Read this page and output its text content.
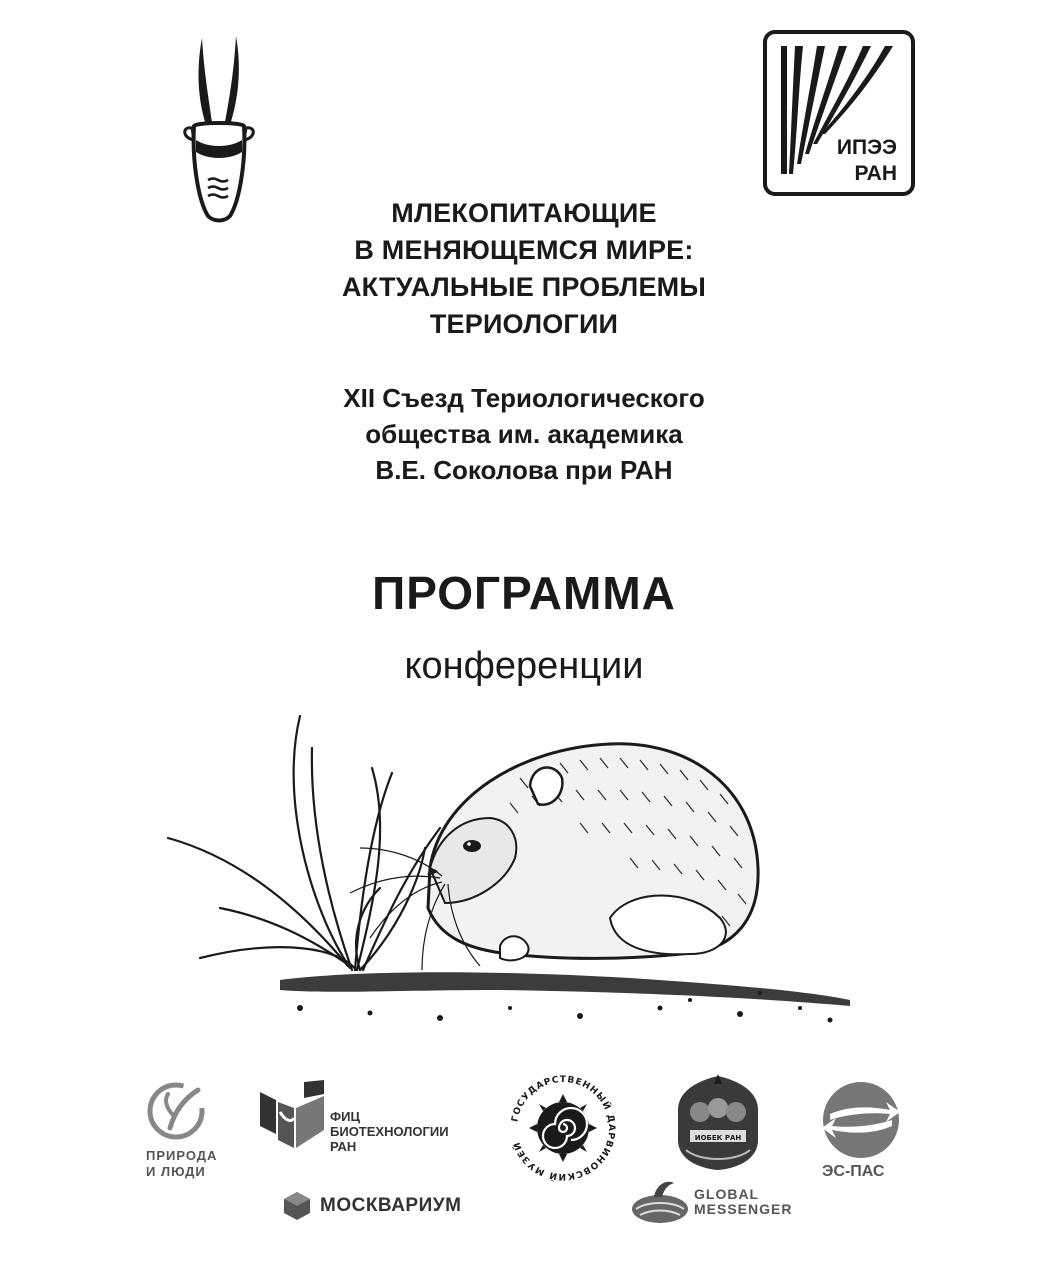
ИПЭЭ
РАН
МЛЕКОПИТАЮЩИЕ
В МЕНЯЮЩЕМСЯ МИРЕ:
АКТУАЛЬНЫЕ ПРОБЛЕМЫ
ТЕРИОЛОГИИ
XII Съезд Териологического
общества им. академика
В.Е. Соколова при РАН
ПРОГРАММА
конференции
ПРИРОДА
И ЛЮДИ
ФИЦ
БИОТЕХНОЛОГИИ
РАН
МОСКВАРИУМ
ГОСУДАРСТВЕННЫЙ ДАРВИНОВСКИЙ МУЗЕЙ
ИОБЕК РАН
GLOBAL
MESSENGER
ЭС-ПАС
